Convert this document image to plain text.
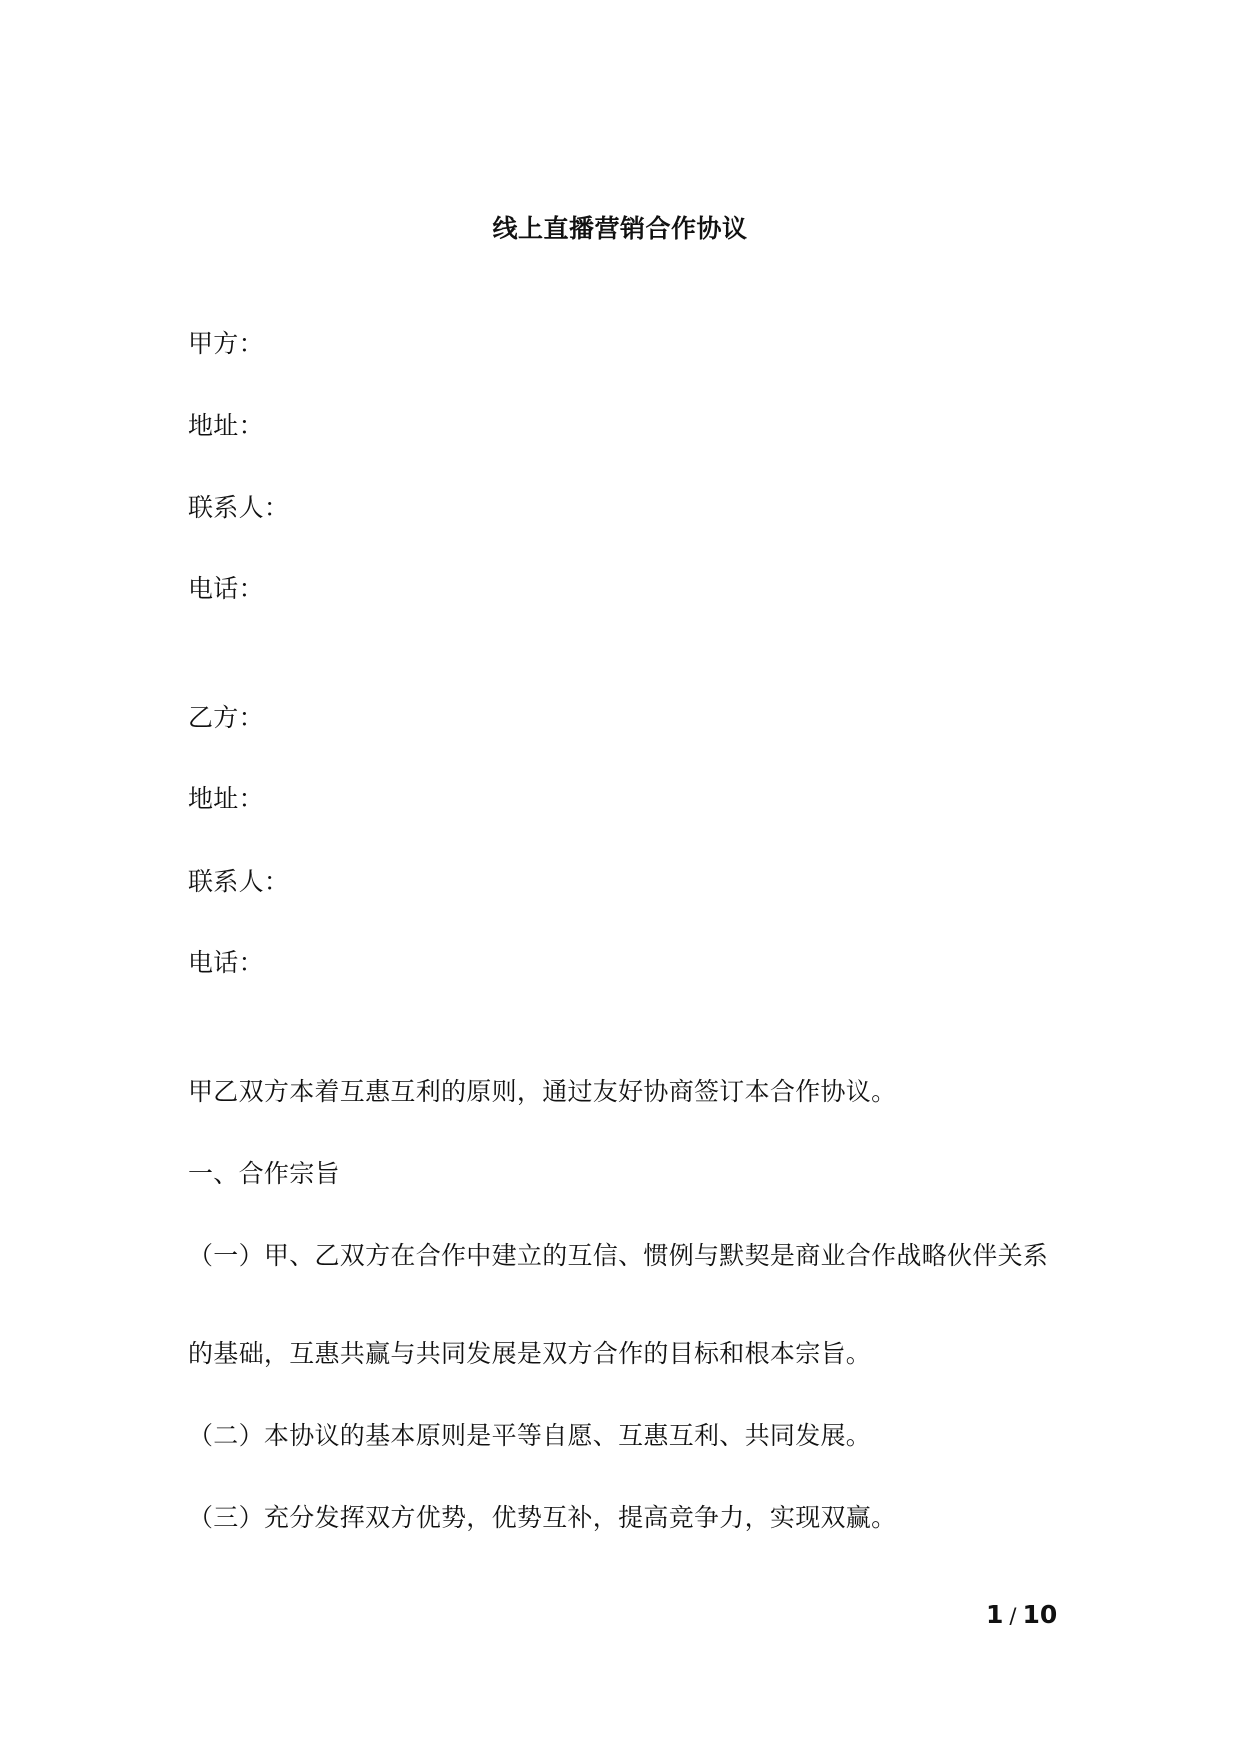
线上直播营销合作协议
甲方：
地址：
联系人：
电话：
乙方：
地址：
联系人：
电话：
甲乙双方本着互惠互利的原则，通过友好协商签订本合作协议。
一、合作宗旨
（一）甲、乙双方在合作中建立的互信、惯例与默契是商业合作战略伙伴关系
的基础，互惠共赢与共同发展是双方合作的目标和根本宗旨。
（二）本协议的基本原则是平等自愿、互惠互利、共同发展。
（三）充分发挥双方优势，优势互补，提高竞争力，实现双赢。
1 / 10
